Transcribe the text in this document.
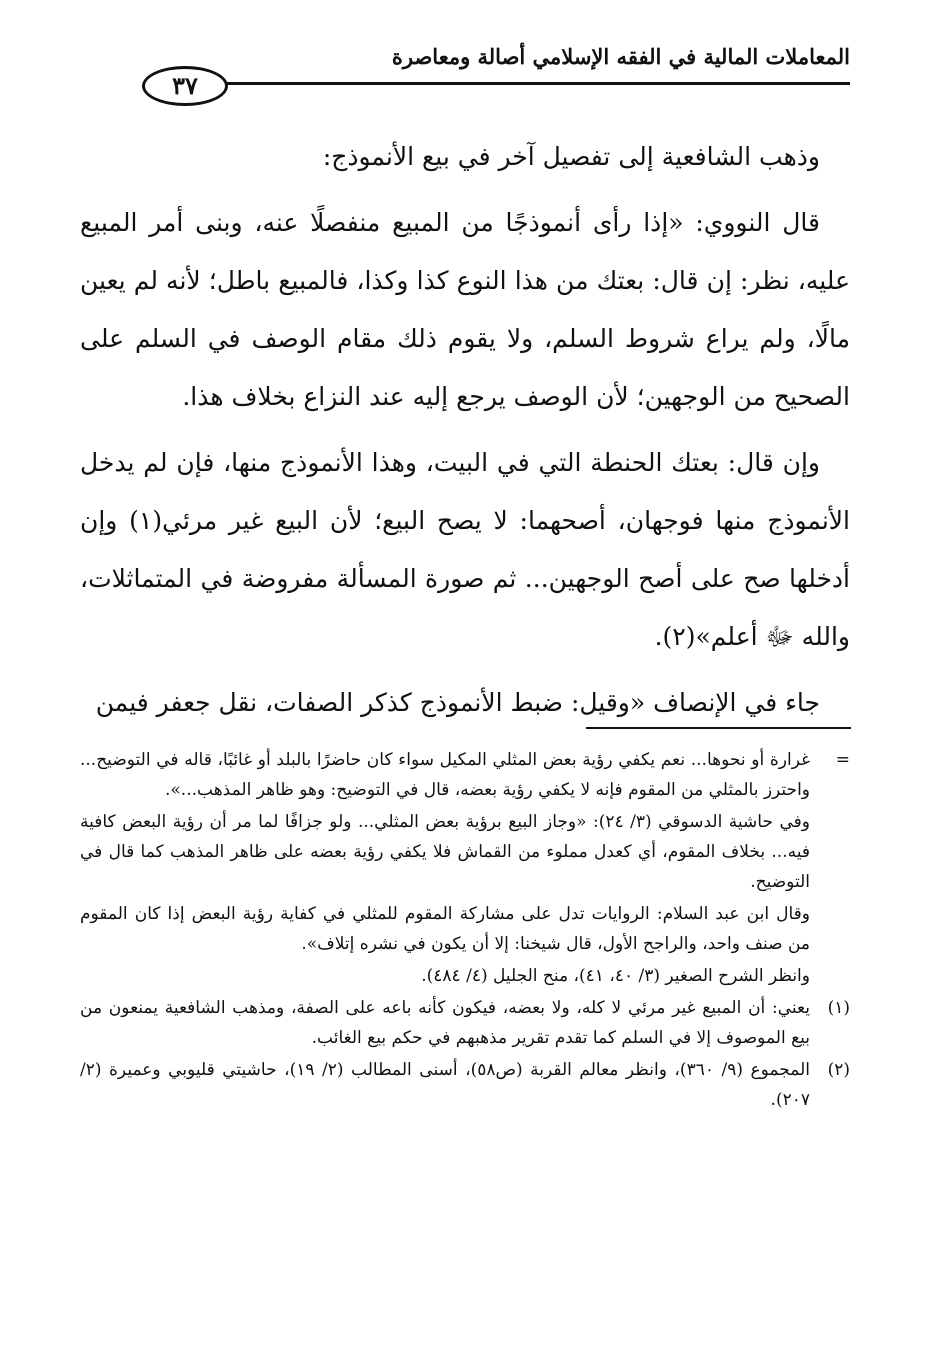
المعاملات المالية في الفقه الإسلامي أصالة ومعاصرة
٣٧

وذهب الشافعية إلى تفصيل آخر في بيع الأنموذج:

قال النووي: «إذا رأى أنموذجًا من المبيع منفصلًا عنه، وبنى أمر المبيع عليه، نظر: إن قال: بعتك من هذا النوع كذا وكذا، فالمبيع باطل؛ لأنه لم يعين مالًا، ولم يراع شروط السلم، ولا يقوم ذلك مقام الوصف في السلم على الصحيح من الوجهين؛ لأن الوصف يرجع إليه عند النزاع بخلاف هذا.

وإن قال: بعتك الحنطة التي في البيت، وهذا الأنموذج منها، فإن لم يدخل الأنموذج منها فوجهان، أصحهما: لا يصح البيع؛ لأن البيع غير مرئي(١) وإن أدخلها صح على أصح الوجهين... ثم صورة المسألة مفروضة في المتماثلات، والله ﷻ أعلم»(٢).

جاء في الإنصاف «وقيل: ضبط الأنموذج كذكر الصفات، نقل جعفر فيمن

=
غرارة أو نحوها... نعم يكفي رؤية بعض المثلي المكيل سواء كان حاضرًا بالبلد أو غائبًا، قاله في التوضيح... واحترز بالمثلي من المقوم فإنه لا يكفي رؤية بعضه، قال في التوضيح: وهو ظاهر المذهب...».

وفي حاشية الدسوقي (٣/ ٢٤): «وجاز البيع برؤية بعض المثلي... ولو جزافًا لما مر أن رؤية البعض كافية فيه... بخلاف المقوم، أي كعدل مملوء من القماش فلا يكفي رؤية بعضه على ظاهر المذهب كما قال في التوضيح.

وقال ابن عبد السلام: الروايات تدل على مشاركة المقوم للمثلي في كفاية رؤية البعض إذا كان المقوم من صنف واحد، والراجح الأول، قال شيخنا: إلا أن يكون في نشره إتلاف».

وانظر الشرح الصغير (٣/ ٤٠، ٤١)، منح الجليل (٤/ ٤٨٤).

(١)
يعني: أن المبيع غير مرئي لا كله، ولا بعضه، فيكون كأنه باعه على الصفة، ومذهب الشافعية يمنعون من بيع الموصوف إلا في السلم كما تقدم تقرير مذهبهم في حكم بيع الغائب.

(٢)
المجموع (٩/ ٣٦٠)، وانظر معالم القربة (ص٥٨)، أسنى المطالب (٢/ ١٩)، حاشيتي قليوبي وعميرة (٢/ ٢٠٧).
